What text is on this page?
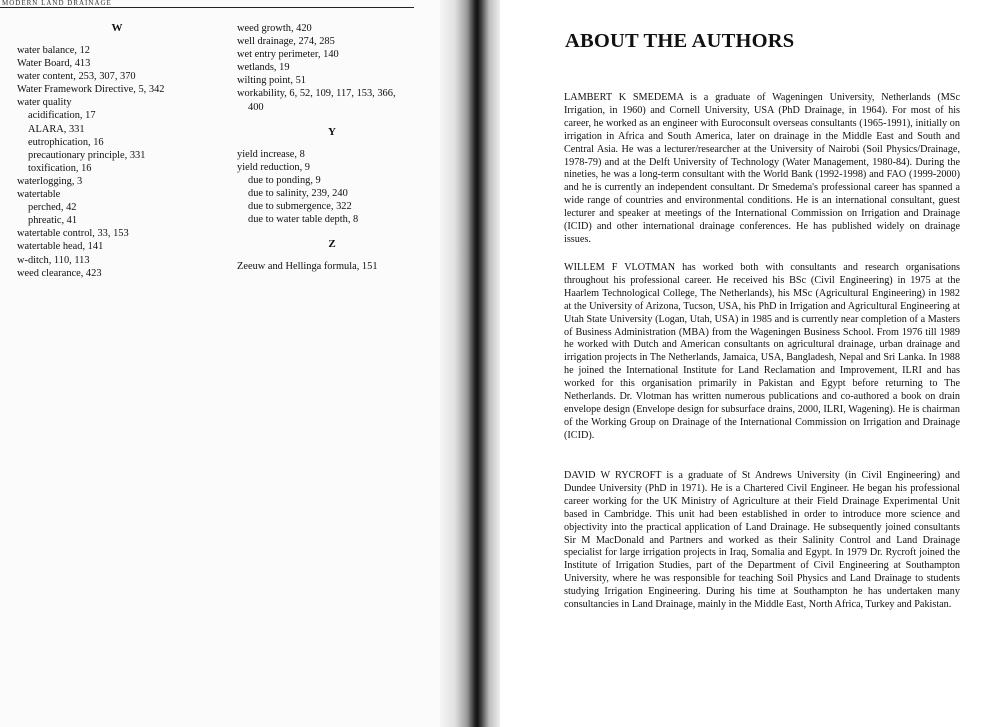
MODERN LAND DRAINAGE
W
water balance, 12
Water Board, 413
water content, 253, 307, 370
Water Framework Directive, 5, 342
water quality
acidification, 17
ALARA, 331
eutrophication, 16
precautionary principle, 331
toxification, 16
waterlogging, 3
watertable
perched, 42
phreatic, 41
watertable control, 33, 153
watertable head, 141
w-ditch, 110, 113
weed clearance, 423
weed growth, 420
well drainage, 274, 285
wet entry perimeter, 140
wetlands, 19
wilting point, 51
workability, 6, 52, 109, 117, 153, 366,
400
Y
yield increase, 8
yield reduction, 9
due to ponding, 9
due to salinity, 239, 240
due to submergence, 322
due to water table depth, 8
Z
Zeeuw and Hellinga formula, 151
ABOUT THE AUTHORS

LAMBERT K SMEDEMA is a graduate of Wageningen University, Netherlands (MSc Irrigation, in 1960) and Cornell University, USA (PhD Drainage, in 1964). For most of his career, he worked as an engineer with Euroconsult overseas consultants (1965-1991), initially on irrigation in Africa and South America, later on drainage in the Middle East and South and Central Asia. He was a lecturer/researcher at the University of Nairobi (Soil Physics/Drainage, 1978-79) and at the Delft University of Technology (Water Management, 1980-84). During the nineties, he was a long-term consultant with the World Bank (1992-1998) and FAO (1999-2000) and he is currently an independent consultant. Dr Smedema's professional career has spanned a wide range of countries and environmental conditions. He is an international consultant, guest lecturer and speaker at meetings of the International Commission on Irrigation and Drainage (ICID) and other international drainage conferences. He has published widely on drainage issues.

WILLEM F VLOTMAN has worked both with consultants and research organisations throughout his professional career. He received his BSc (Civil Engineering) in 1975 at the Haarlem Technological College, The Netherlands), his MSc (Agricultural Engineering) in 1982 at the University of Arizona, Tucson, USA, his PhD in Irrigation and Agricultural Engineering at Utah State University (Logan, Utah, USA) in 1985 and is currently near completion of a Masters of Business Administration (MBA) from the Wageningen Business School. From 1976 till 1989 he worked with Dutch and American consultants on agricultural drainage, urban drainage and irrigation projects in The Netherlands, Jamaica, USA, Bangladesh, Nepal and Sri Lanka. In 1988 he joined the International Institute for Land Reclamation and Improvement, ILRI and has worked for this organisation primarily in Pakistan and Egypt before returning to The Netherlands. Dr. Vlotman has written numerous publications and co-authored a book on drain envelope design (Envelope design for subsurface drains, 2000, ILRI, Wagening). He is chairman of the Working Group on Drainage of the International Commission on Irrigation and Drainage (ICID).

DAVID W RYCROFT is a graduate of St Andrews University (in Civil Engineering) and Dundee University (PhD in 1971). He is a Chartered Civil Engineer. He began his professional career working for the UK Ministry of Agriculture at their Field Drainage Experimental Unit based in Cambridge. This unit had been established in order to introduce more science and objectivity into the practical application of Land Drainage. He subsequently joined consultants Sir M MacDonald and Partners and worked as their Salinity Control and Land Drainage specialist for large irrigation projects in Iraq, Somalia and Egypt. In 1979 Dr. Rycroft joined the Institute of Irrigation Studies, part of the Department of Civil Engineering at Southampton University, where he was responsible for teaching Soil Physics and Land Drainage to students studying Irrigation Engineering. During his time at Southampton he has undertaken many consultancies in Land Drainage, mainly in the Middle East, North Africa, Turkey and Pakistan.
